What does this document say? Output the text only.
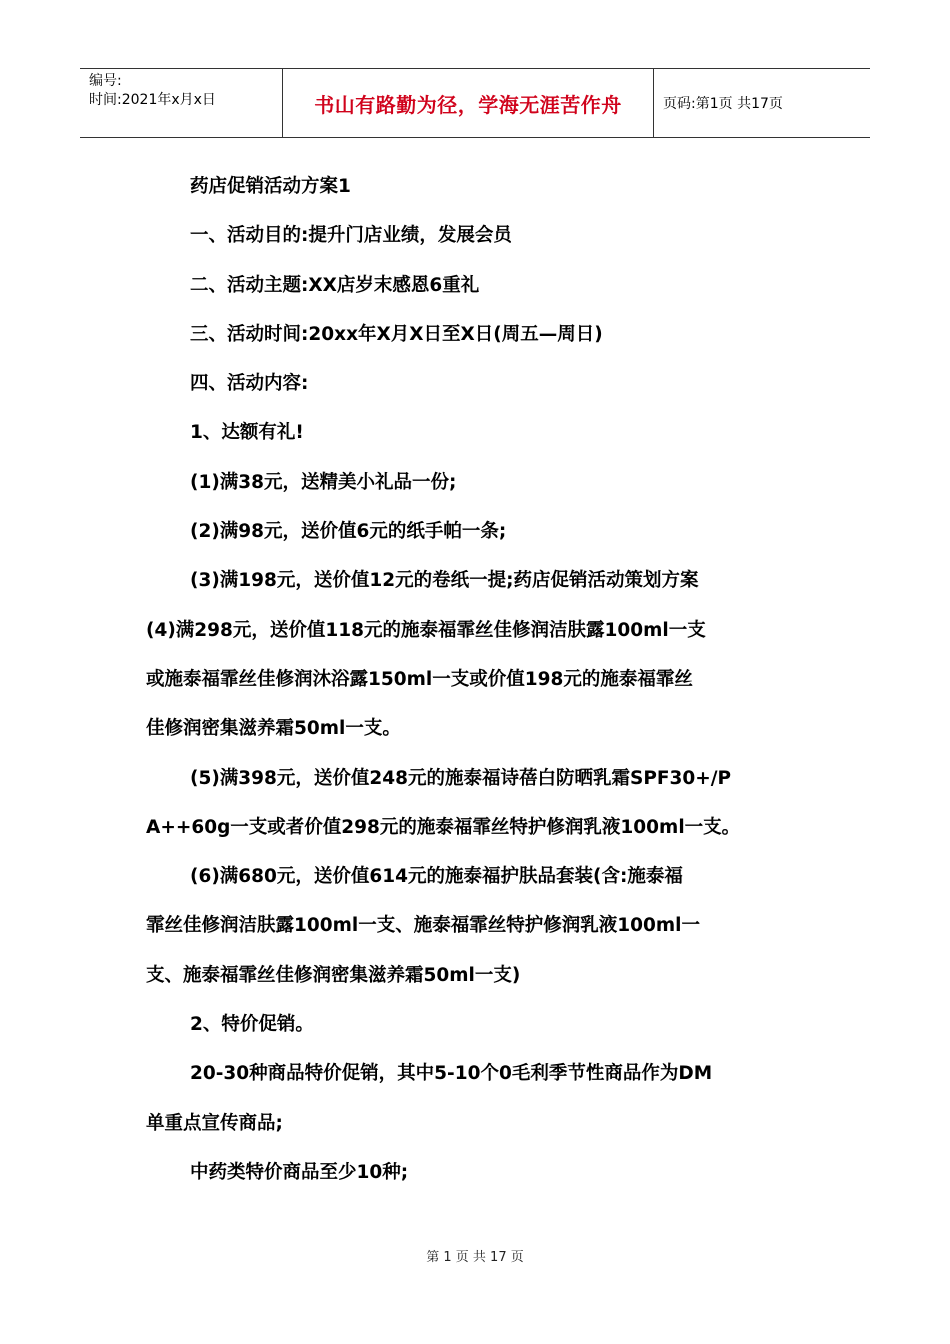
编号:
时间:2021年x月x日	书山有路勤为径，学海无涯苦作舟	页码:第1页 共17页
药店促销活动方案1
一、活动目的:提升门店业绩，发展会员
二、活动主题:XX店岁末感恩6重礼
三、活动时间:20xx年X月X日至X日(周五—周日)
四、活动内容:
1、达额有礼!
(1)满38元，送精美小礼品一份;
(2)满98元，送价值6元的纸手帕一条;
(3)满198元，送价值12元的卷纸一提;药店促销活动策划方案
(4)满298元，送价值118元的施泰福霏丝佳修润洁肤露100ml一支
或施泰福霏丝佳修润沐浴露150ml一支或价值198元的施泰福霏丝
佳修润密集滋养霜50ml一支。
(5)满398元，送价值248元的施泰福诗蓓白防晒乳霜SPF30+/P
A++60g一支或者价值298元的施泰福霏丝特护修润乳液100ml一支。
(6)满680元，送价值614元的施泰福护肤品套装(含:施泰福
霏丝佳修润洁肤露100ml一支、施泰福霏丝特护修润乳液100ml一
支、施泰福霏丝佳修润密集滋养霜50ml一支)
2、特价促销。
20-30种商品特价促销，其中5-10个0毛利季节性商品作为DM
单重点宣传商品;
中药类特价商品至少10种;
第 1 页 共 17 页
